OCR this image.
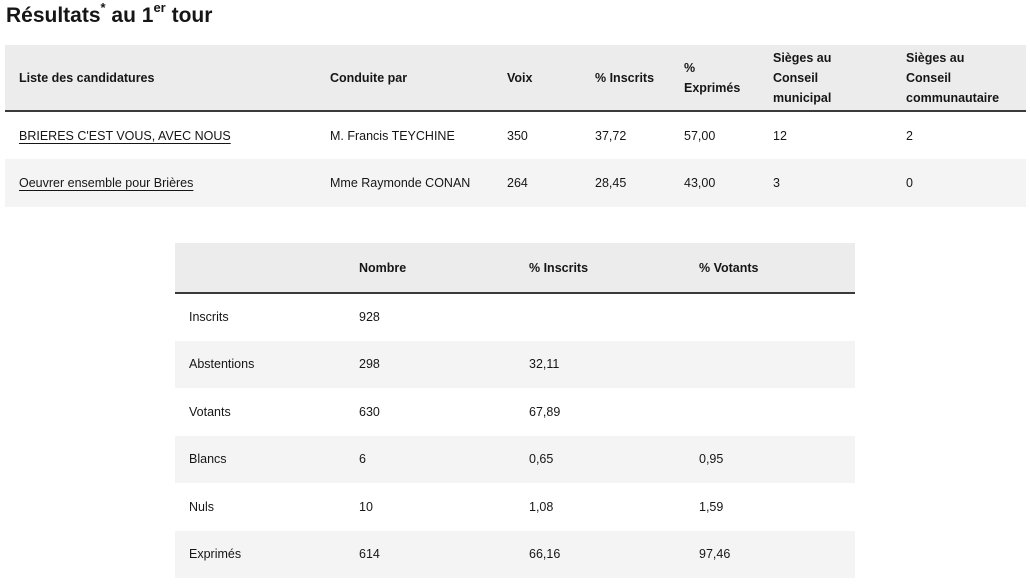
Résultats* au 1er tour
Liste des candidatures	Conduite par	Voix	% Inscrits	% Exprimés	Sièges au Conseil municipal	Sièges au Conseil communautaire
BRIERES C'EST VOUS, AVEC NOUS	M. Francis TEYCHINE	350	37,72	57,00	12	2
Oeuvrer ensemble pour Brières	Mme Raymonde CONAN	264	28,45	43,00	3	0
	Nombre	% Inscrits	% Votants
Inscrits	928		
Abstentions	298	32,11	
Votants	630	67,89	
Blancs	6	0,65	0,95
Nuls	10	1,08	1,59
Exprimés	614	66,16	97,46
